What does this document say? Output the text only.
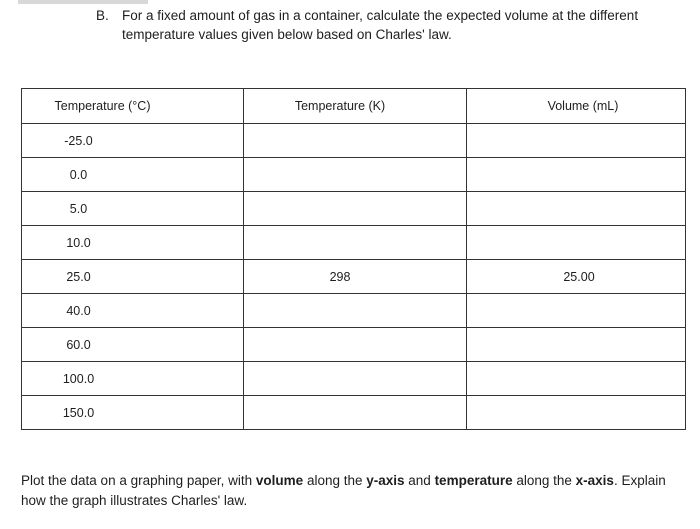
B. For a fixed amount of gas in a container, calculate the expected volume at the different temperature values given below based on Charles' law.
Temperature (°C)	Temperature (K)	Volume (mL)
-25.0		
0.0		
5.0		
10.0		
25.0	298	25.00
40.0		
60.0		
100.0		
150.0		
Plot the data on a graphing paper, with volume along the y-axis and temperature along the x-axis. Explain how the graph illustrates Charles' law.
